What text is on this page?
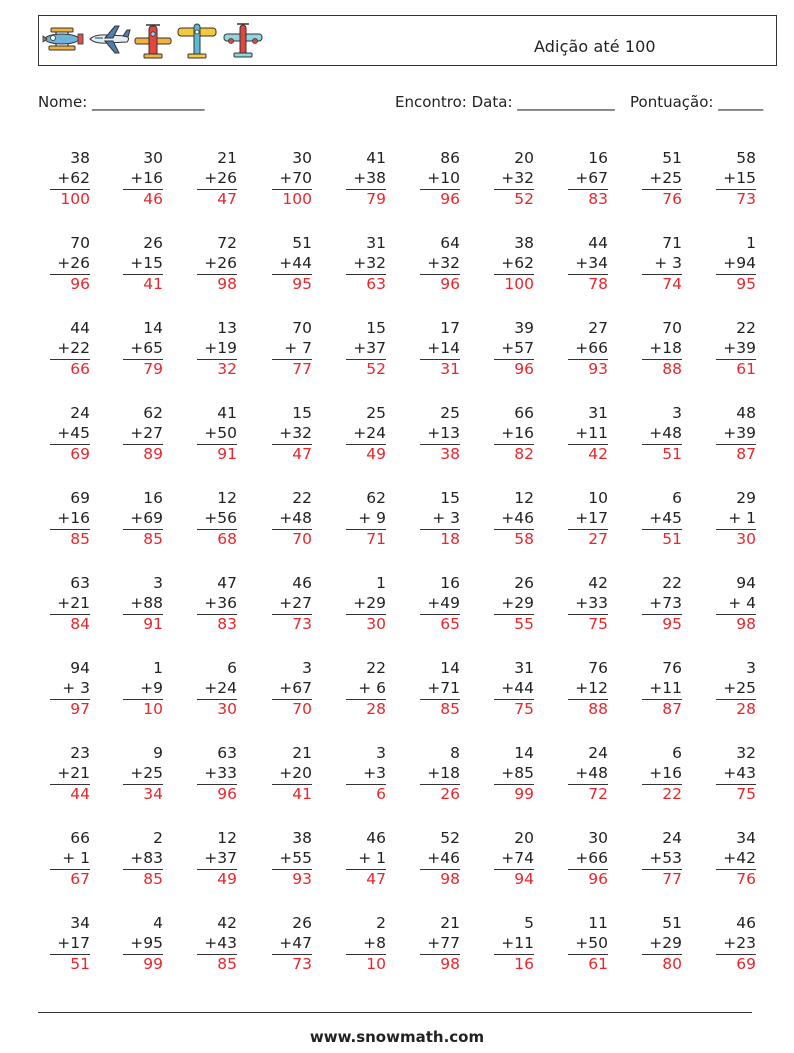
Adição até 100
Nome: _______________	Encontro: Data: _____________ Pontuação: ______
38
+62
100
30
+16
46
21
+26
47
30
+70
100
41
+38
79
86
+10
96
20
+32
52
16
+67
83
51
+25
76
58
+15
73
70
+26
96
26
+15
41
72
+26
98
51
+44
95
31
+32
63
64
+32
96
38
+62
100
44
+34
78
71
+ 3
74
1
+94
95
44
+22
66
14
+65
79
13
+19
32
70
+ 7
77
15
+37
52
17
+14
31
39
+57
96
27
+66
93
70
+18
88
22
+39
61
24
+45
69
62
+27
89
41
+50
91
15
+32
47
25
+24
49
25
+13
38
66
+16
82
31
+11
42
3
+48
51
48
+39
87
69
+16
85
16
+69
85
12
+56
68
22
+48
70
62
+ 9
71
15
+ 3
18
12
+46
58
10
+17
27
6
+45
51
29
+ 1
30
63
+21
84
3
+88
91
47
+36
83
46
+27
73
1
+29
30
16
+49
65
26
+29
55
42
+33
75
22
+73
95
94
+ 4
98
94
+ 3
97
1
+9
10
6
+24
30
3
+67
70
22
+ 6
28
14
+71
85
31
+44
75
76
+12
88
76
+11
87
3
+25
28
23
+21
44
9
+25
34
63
+33
96
21
+20
41
3
+3
6
8
+18
26
14
+85
99
24
+48
72
6
+16
22
32
+43
75
66
+ 1
67
2
+83
85
12
+37
49
38
+55
93
46
+ 1
47
52
+46
98
20
+74
94
30
+66
96
24
+53
77
34
+42
76
34
+17
51
4
+95
99
42
+43
85
26
+47
73
2
+8
10
21
+77
98
5
+11
16
11
+50
61
51
+29
80
46
+23
69
www.snowmath.com
